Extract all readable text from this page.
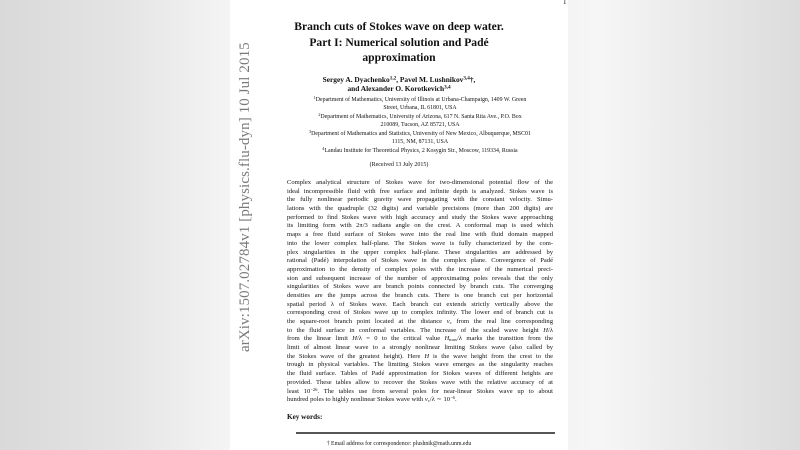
arXiv:1507.02784v1 [physics.flu-dyn] 10 Jul 2015
1
Branch cuts of Stokes wave on deep water.
Part I: Numerical solution and Padé
approximation
Sergey A. Dyachenko$^{1,2}$, Pavel M. Lushnikov$^{3,4}$†,
and Alexander O. Korotkevich$^{3,4}$
$^1$Department of Mathematics, University of Illinois at Urbana-Champaign, 1409 W. Green
Street, Urbana, IL 61801, USA
$^2$Department of Mathematics, University of Arizona, 617 N. Santa Rita Ave., P.O. Box
210089, Tucson, AZ 85721, USA
$^3$Department of Mathematics and Statistics, University of New Mexico, Albuquerque, MSC01
1115, NM, 87131, USA
$^4$Landau Institute for Theoretical Physics, 2 Kosygin Str., Moscow, 119334, Russia
(Received 13 July 2015)
Complex analytical structure of Stokes wave for two-dimensional potential flow of the
ideal incompressible fluid with free surface and infinite depth is analyzed. Stokes wave is
the fully nonlinear periodic gravity wave propagating with the constant velocity. Simu-
lations with the quadruple (32 digits) and variable precisions (more than 200 digits) are
performed to find Stokes wave with high accuracy and study the Stokes wave approaching
its limiting form with 2π/3 radians angle on the crest. A conformal map is used which
maps a free fluid surface of Stokes wave into the real line with fluid domain mapped
into the lower complex half-plane. The Stokes wave is fully characterized by the com-
plex singularities in the upper complex half-plane. These singularities are addressed by
rational (Padé) interpolation of Stokes wave in the complex plane. Convergence of Padé
approximation to the density of complex poles with the increase of the numerical preci-
sion and subsequent increase of the number of approximating poles reveals that the only
singularities of Stokes wave are branch points connected by branch cuts. The converging
densities are the jumps across the branch cuts. There is one branch cut per horizontal
spatial period λ of Stokes wave. Each branch cut extends strictly vertically above the
corresponding crest of Stokes wave up to complex infinity. The lower end of branch cut is
the square-root branch point located at the distance $v_c$ from the real line corresponding
to the fluid surface in conformal variables. The increase of the scaled wave height H/λ
from the linear limit H/λ = 0 to the critical value $H_{max}/\lambda$ marks the transition from the
limit of almost linear wave to a strongly nonlinear limiting Stokes wave (also called by
the Stokes wave of the greatest height). Here H is the wave height from the crest to the
trough in physical variables. The limiting Stokes wave emerges as the singularity reaches
the fluid surface. Tables of Padé approximation for Stokes waves of different heights are
provided. These tables allow to recover the Stokes wave with the relative accuracy of at
least $10^{-26}$. The tables use from several poles for near-linear Stokes wave up to about
hundred poles to highly nonlinear Stokes wave with $v_c/\lambda$ ∼ $10^{-6}$.
Key words:
† Email address for correspondence: plushnik@math.unm.edu
